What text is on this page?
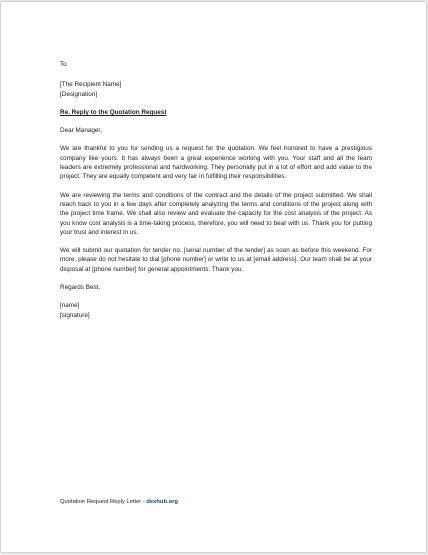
To
[The Recipient Name]
[Designation]
Re. Reply to the Quotation Request
Dear Manager,

We are thankful to you for sending us a request for the quotation. We feel honored to have a prestigious company like yours. It has always been a great experience working with you. Your staff and all the team leaders are extremely professional and hardworking. They personally put in a lot of effort and add value to the project. They are equally competent and very fair in fulfilling their responsibilities.

We are reviewing the terms and conditions of the contract and the details of the project submitted. We shall reach back to you in a few days after completely analyzing the terms and conditions of the project along with the project time frame. We shall also review and evaluate the capacity for the cost analysis of the project. As you know cost analysis is a time-taking process, therefore, you will need to bear with us. Thank you for putting your trust and interest in us.

We will submit our quotation for tender no. [serial number of the tender] as soon as before this weekend. For more, please do not hesitate to dial [phone number] or write to us at [email address]. Our team shall be at your disposal at [phone number] for general appointments. Thank you.

Regards Best,
[name]
[signature]
Quotation Request Reply Letter - dexhub.org
